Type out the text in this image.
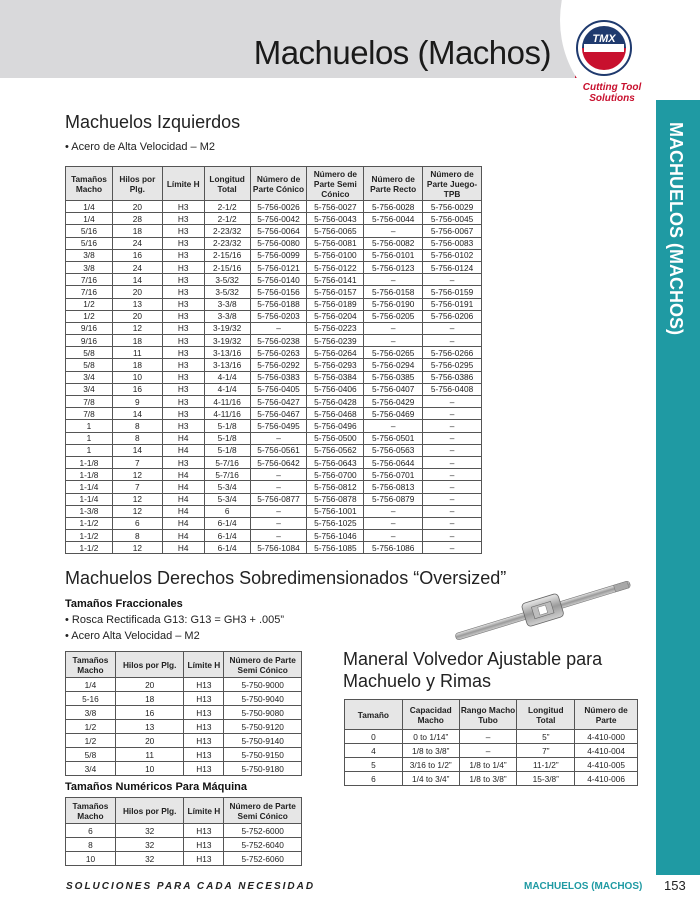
Machuelos (Machos)	TMX
Cutting Tool
Solutions
MACHUELOS (MACHOS)
Machuelos Izquierdos
• Acero de Alta Velocidad – M2
Tamaños Macho	Hilos por Plg.	Límite H	Longitud Total	Número de Parte Cónico	Número de Parte Semi Cónico	Número de Parte Recto	Número de Parte Juego-TPB
1/4	20	H3	2-1/2	5-756-0026	5-756-0027	5-756-0028	5-756-0029
1/4	28	H3	2-1/2	5-756-0042	5-756-0043	5-756-0044	5-756-0045
5/16	18	H3	2-23/32	5-756-0064	5-756-0065	–	5-756-0067
5/16	24	H3	2-23/32	5-756-0080	5-756-0081	5-756-0082	5-756-0083
3/8	16	H3	2-15/16	5-756-0099	5-756-0100	5-756-0101	5-756-0102
3/8	24	H3	2-15/16	5-756-0121	5-756-0122	5-756-0123	5-756-0124
7/16	14	H3	3-5/32	5-756-0140	5-756-0141	–	–
7/16	20	H3	3-5/32	5-756-0156	5-756-0157	5-756-0158	5-756-0159
1/2	13	H3	3-3/8	5-756-0188	5-756-0189	5-756-0190	5-756-0191
1/2	20	H3	3-3/8	5-756-0203	5-756-0204	5-756-0205	5-756-0206
9/16	12	H3	3-19/32	–	5-756-0223	–	–
9/16	18	H3	3-19/32	5-756-0238	5-756-0239	–	–
5/8	11	H3	3-13/16	5-756-0263	5-756-0264	5-756-0265	5-756-0266
5/8	18	H3	3-13/16	5-756-0292	5-756-0293	5-756-0294	5-756-0295
3/4	10	H3	4-1/4	5-756-0383	5-756-0384	5-756-0385	5-756-0386
3/4	16	H3	4-1/4	5-756-0405	5-756-0406	5-756-0407	5-756-0408
7/8	9	H3	4-11/16	5-756-0427	5-756-0428	5-756-0429	–
7/8	14	H3	4-11/16	5-756-0467	5-756-0468	5-756-0469	–
1	8	H3	5-1/8	5-756-0495	5-756-0496	–	–
1	8	H4	5-1/8	–	5-756-0500	5-756-0501	–
1	14	H4	5-1/8	5-756-0561	5-756-0562	5-756-0563	–
1-1/8	7	H3	5-7/16	5-756-0642	5-756-0643	5-756-0644	–
1-1/8	12	H4	5-7/16	–	5-756-0700	5-756-0701	–
1-1/4	7	H4	5-3/4	–	5-756-0812	5-756-0813	–
1-1/4	12	H4	5-3/4	5-756-0877	5-756-0878	5-756-0879	–
1-3/8	12	H4	6	–	5-756-1001	–	–
1-1/2	6	H4	6-1/4	–	5-756-1025	–	–
1-1/2	8	H4	6-1/4	–	5-756-1046	–	–
1-1/2	12	H4	6-1/4	5-756-1084	5-756-1085	5-756-1086	–
Machuelos Derechos Sobredimensionados “Oversized”
Tamaños Fraccionales
• Rosca Rectificada G13: G13 = GH3 + .005”
• Acero Alta Velocidad – M2
Tamaños Macho	Hilos por Plg.	Límite H	Número de Parte Semi Cónico
1/4	20	H13	5-750-9000
5-16	18	H13	5-750-9040
3/8	16	H13	5-750-9080
1/2	13	H13	5-750-9120
1/2	20	H13	5-750-9140
5/8	11	H13	5-750-9150
3/4	10	H13	5-750-9180
Tamaños Numéricos Para Máquina
Tamaños Macho	Hilos por Plg.	Límite H	Número de Parte Semi Cónico
6	32	H13	5-752-6000
8	32	H13	5-752-6040
10	32	H13	5-752-6060
Maneral Volvedor Ajustable para
Machuelo y Rimas
Tamaño	Capacidad Macho	Rango Macho Tubo	Longitud Total	Número de Parte
0	0 to 1/14”	–	5”	4-410-000
4	1/8 to 3/8”	–	7”	4-410-004
5	3/16 to 1/2”	1/8 to 1/4”	11-1/2”	4-410-005
6	1/4 to 3/4”	1/8 to 3/8”	15-3/8”	4-410-006
SOLUCIONES PARA CADA NECESIDAD	MACHUELOS (MACHOS) 153
